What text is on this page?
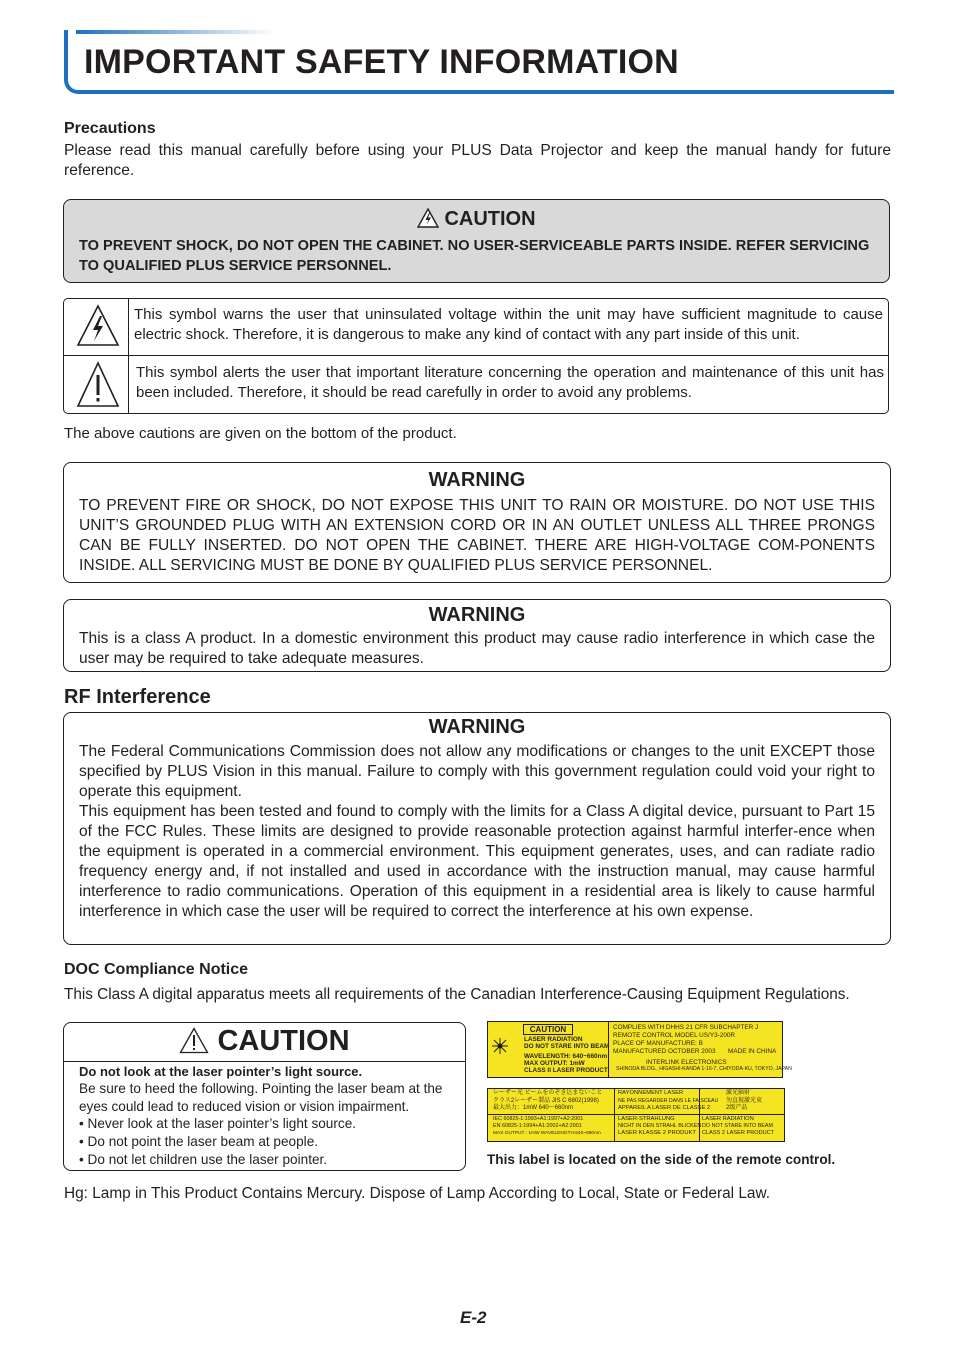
IMPORTANT SAFETY INFORMATION
Precautions
Please read this manual carefully before using your PLUS Data Projector and keep the manual handy for future reference.
CAUTION
TO PREVENT SHOCK, DO NOT OPEN THE CABINET. NO USER-SERVICEABLE PARTS INSIDE. REFER SERVICING TO QUALIFIED PLUS SERVICE PERSONNEL.
This symbol warns the user that uninsulated voltage within the unit may have sufficient magnitude to cause electric shock. Therefore, it is dangerous to make any kind of contact with any part inside of this unit.
This symbol alerts the user that important literature concerning the operation and maintenance of this unit has been included. Therefore, it should be read carefully in order to avoid any problems.
The above cautions are given on the bottom of the product.
WARNING
TO PREVENT FIRE OR SHOCK, DO NOT EXPOSE THIS UNIT TO RAIN OR MOISTURE. DO NOT USE THIS UNIT’S GROUNDED PLUG WITH AN EXTENSION CORD OR IN AN OUTLET UNLESS ALL THREE PRONGS CAN BE FULLY INSERTED. DO NOT OPEN THE CABINET. THERE ARE HIGH-VOLTAGE COM-PONENTS INSIDE. ALL SERVICING MUST BE DONE BY QUALIFIED PLUS SERVICE PERSONNEL.
WARNING
This is a class A product. In a domestic environment this product may cause radio interference in which case the user may be required to take adequate measures.
RF Interference
WARNING
The Federal Communications Commission does not allow any modifications or changes to the unit EXCEPT those specified by PLUS Vision in this manual. Failure to comply with this government regulation could void your right to operate this equipment.
This equipment has been tested and found to comply with the limits for a Class A digital device, pursuant to Part 15 of the FCC Rules. These limits are designed to provide reasonable protection against harmful interfer-ence when the equipment is operated in a commercial environment. This equipment generates, uses, and can radiate radio frequency energy and, if not installed and used in accordance with the instruction manual, may cause harmful interference to radio communications. Operation of this equipment in a residential area is likely to cause harmful interference in which case the user will be required to correct the interference at his own expense.
DOC Compliance Notice
This Class A digital apparatus meets all requirements of the Canadian Interference-Causing Equipment Regulations.
CAUTION
Do not look at the laser pointer’s light source.
Be sure to heed the following. Pointing the laser beam at the eyes could lead to reduced vision or vision impairment.
• Never look at the laser pointer’s light source.
• Do not point the laser beam at people.
• Do not let children use the laser pointer.
CAUTION
LASER RADIATION
DO NOT STARE INTO BEAM
WAVELENGTH: 640~660nm
MAX OUTPUT: 1mW
CLASS II LASER PRODUCT
COMPLIES WITH DHHS 21 CFR SUBCHAPTER J
REMOTE CONTROL MODEL US/Y3-200R
PLACE OF MANUFACTURE: B
MANUFACTURED OCTOBER 2003 MADE IN CHINA
INTERLINK ELECTRONICS
SHINODA BLDG., HIGASHI-KANDA 1-16-7, CHIYODA-KU, TOKYO, JAPAN
レーザー光 ビームをのぞき込まないこと
クラス2レーザー製品 JIS C 6802(1998)
最大出力：1mW 640〜660nm
RAYONNEMENT LASER
NE PAS REGARDER DANS LE FAISCEAU
APPAREIL A LASER DE CLASSE 2
激光辐射
勿直视激光束
2级产品
IEC 60825-1:1993+A1:1997+A2:2001
EN 60825-1:1994+A1:2002+A2:2001
MAX OUTPUT : 1mW WAVELENGTH:640~660nm
LASER-STRAHLUNG
NICHT IN DEN STRAHL BLICKEN
LASER KLASSE 2 PRODUKT
LASER RADIATION
DO NOT STARE INTO BEAM
CLASS 2 LASER PRODUCT
This label is located on the side of the remote control.
Hg: Lamp in This Product Contains Mercury. Dispose of Lamp According to Local, State or Federal Law.
E-2
